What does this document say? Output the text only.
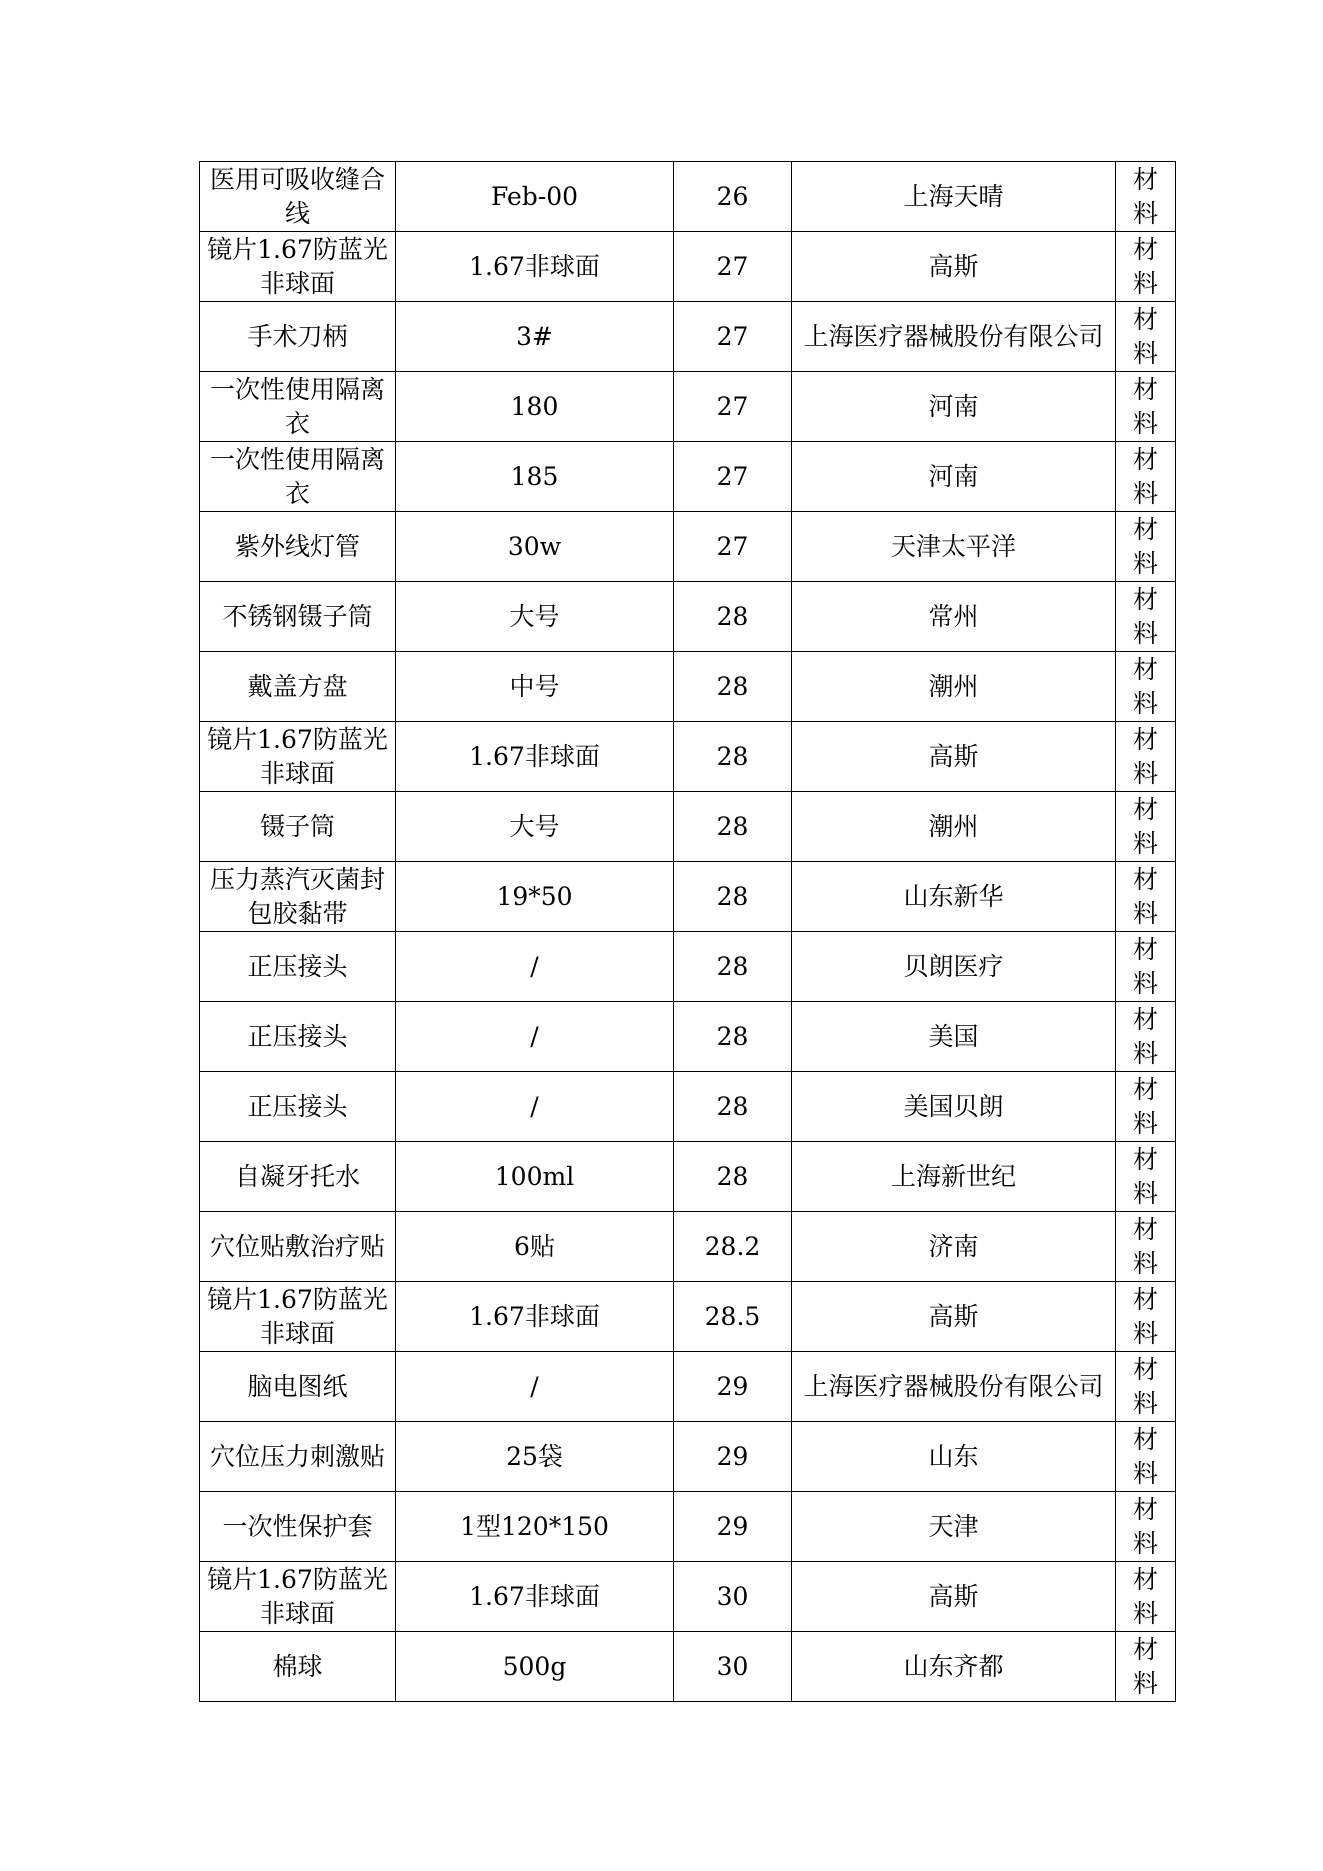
医用可吸收缝合线	Feb-00	26	上海天晴	材料

镜片1.67防蓝光非球面	1.67非球面	27	高斯	材料

手术刀柄	3#	27	上海医疗器械股份有限公司	材料

一次性使用隔离衣	180	27	河南	材料

一次性使用隔离衣	185	27	河南	材料

紫外线灯管	30w	27	天津太平洋	材料

不锈钢镊子筒	大号	28	常州	材料

戴盖方盘	中号	28	潮州	材料

镜片1.67防蓝光非球面	1.67非球面	28	高斯	材料

镊子筒	大号	28	潮州	材料

压力蒸汽灭菌封包胶黏带	19*50	28	山东新华	材料

正压接头	/	28	贝朗医疗	材料

正压接头	/	28	美国	材料

正压接头	/	28	美国贝朗	材料

自凝牙托水	100ml	28	上海新世纪	材料

穴位贴敷治疗贴	6贴	28.2	济南	材料

镜片1.67防蓝光非球面	1.67非球面	28.5	高斯	材料

脑电图纸	/	29	上海医疗器械股份有限公司	材料

穴位压力刺激贴	25袋	29	山东	材料

一次性保护套	1型120*150	29	天津	材料

镜片1.67防蓝光非球面	1.67非球面	30	高斯	材料

棉球	500g	30	山东齐都	材料
